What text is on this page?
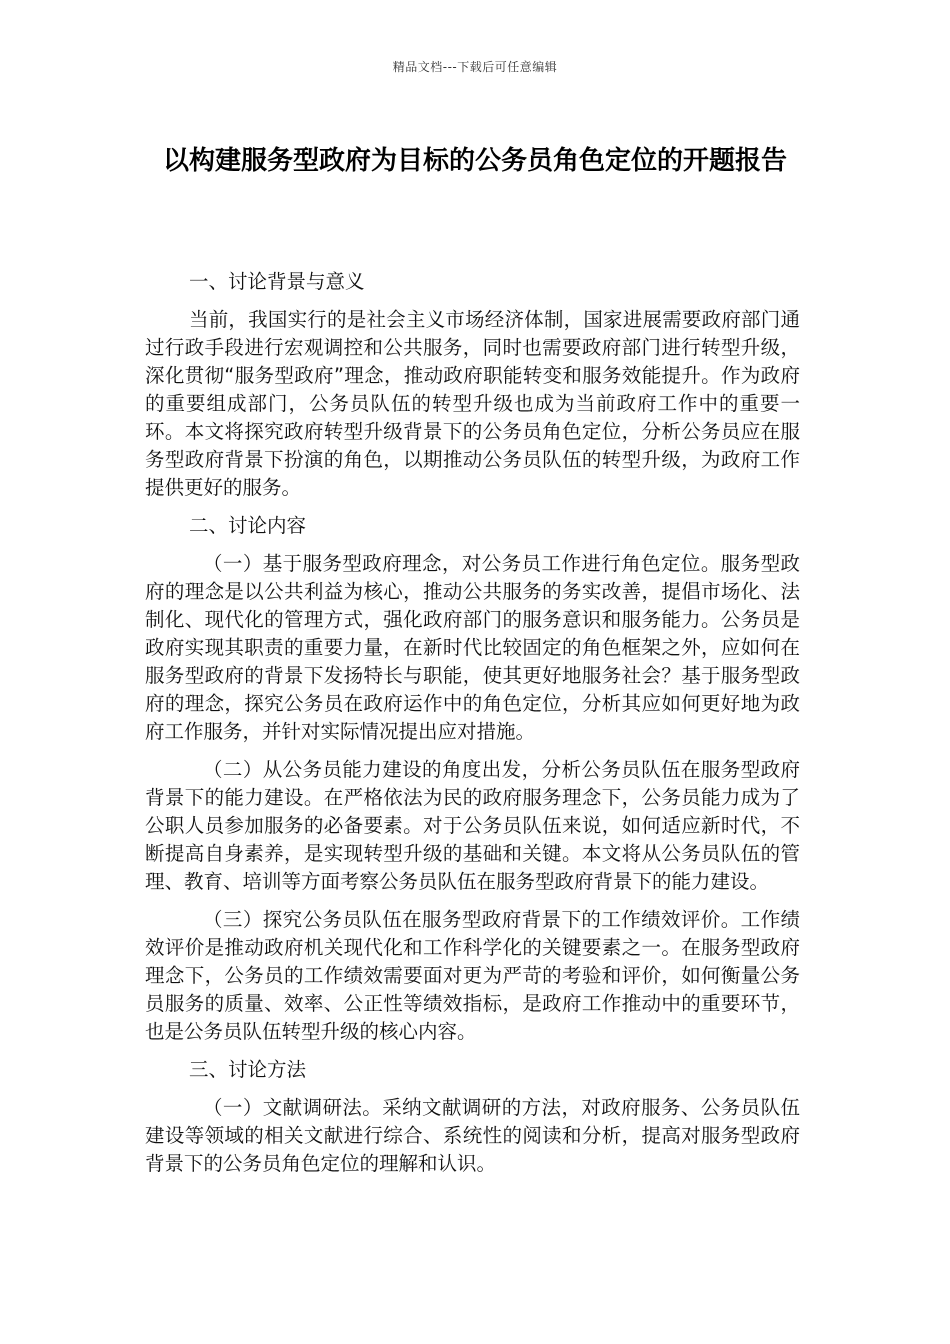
精品文档---下载后可任意编辑
以构建服务型政府为目标的公务员角色定位的开题报告

一、讨论背景与意义

当前，我国实行的是社会主义市场经济体制，国家进展需要政府部门通过行政手段进行宏观调控和公共服务，同时也需要政府部门进行转型升级，深化贯彻“服务型政府”理念，推动政府职能转变和服务效能提升。作为政府的重要组成部门，公务员队伍的转型升级也成为当前政府工作中的重要一环。本文将探究政府转型升级背景下的公务员角色定位，分析公务员应在服务型政府背景下扮演的角色，以期推动公务员队伍的转型升级，为政府工作提供更好的服务。

二、讨论内容

（一）基于服务型政府理念，对公务员工作进行角色定位。服务型政府的理念是以公共利益为核心，推动公共服务的务实改善，提倡市场化、法制化、现代化的管理方式，强化政府部门的服务意识和服务能力。公务员是政府实现其职责的重要力量，在新时代比较固定的角色框架之外，应如何在服务型政府的背景下发扬特长与职能，使其更好地服务社会？基于服务型政府的理念，探究公务员在政府运作中的角色定位，分析其应如何更好地为政府工作服务，并针对实际情况提出应对措施。

（二）从公务员能力建设的角度出发，分析公务员队伍在服务型政府背景下的能力建设。在严格依法为民的政府服务理念下，公务员能力成为了公职人员参加服务的必备要素。对于公务员队伍来说，如何适应新时代，不断提高自身素养，是实现转型升级的基础和关键。本文将从公务员队伍的管理、教育、培训等方面考察公务员队伍在服务型政府背景下的能力建设。

（三）探究公务员队伍在服务型政府背景下的工作绩效评价。工作绩效评价是推动政府机关现代化和工作科学化的关键要素之一。在服务型政府理念下，公务员的工作绩效需要面对更为严苛的考验和评价，如何衡量公务员服务的质量、效率、公正性等绩效指标，是政府工作推动中的重要环节，也是公务员队伍转型升级的核心内容。

三、讨论方法

（一）文献调研法。采纳文献调研的方法，对政府服务、公务员队伍建设等领域的相关文献进行综合、系统性的阅读和分析，提高对服务型政府背景下的公务员角色定位的理解和认识。
